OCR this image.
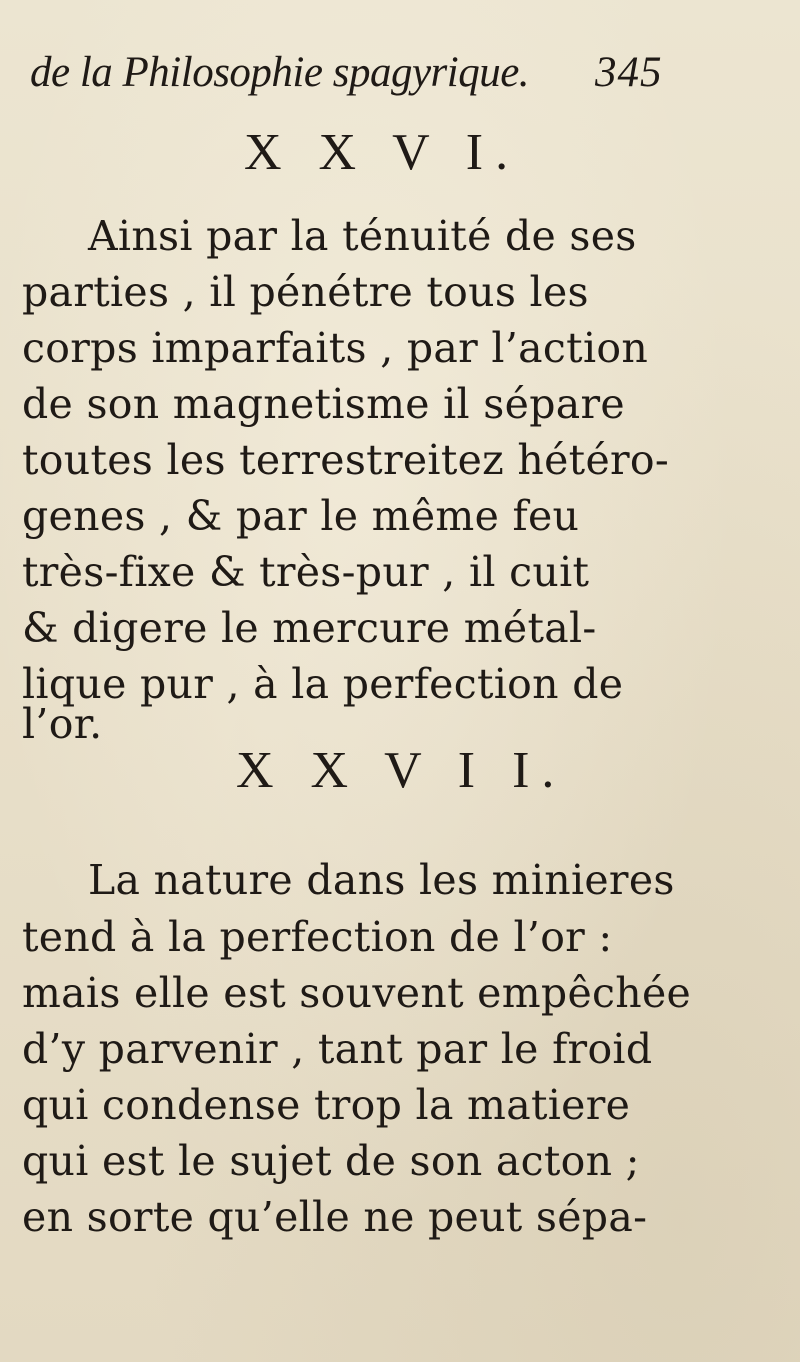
de la Philosophie spagyrique. 345
X X V I.
Ainsi par la ténuité de ses
parties , il pénétre tous les
corps imparfaits , par l’action
de son magnetisme il sépare
toutes les terrestreitez hétéro-
genes , & par le même feu
très-fixe & très-pur , il cuit
& digere le mercure métal-
lique pur , à la perfection de
l’or.
X X V I I.
La nature dans les minieres
tend à la perfection de l’or :
mais elle est souvent empêchée
d’y parvenir , tant par le froid
qui condense trop la matiere
qui est le sujet de son acton ;
en sorte qu’elle ne peut sépa-
